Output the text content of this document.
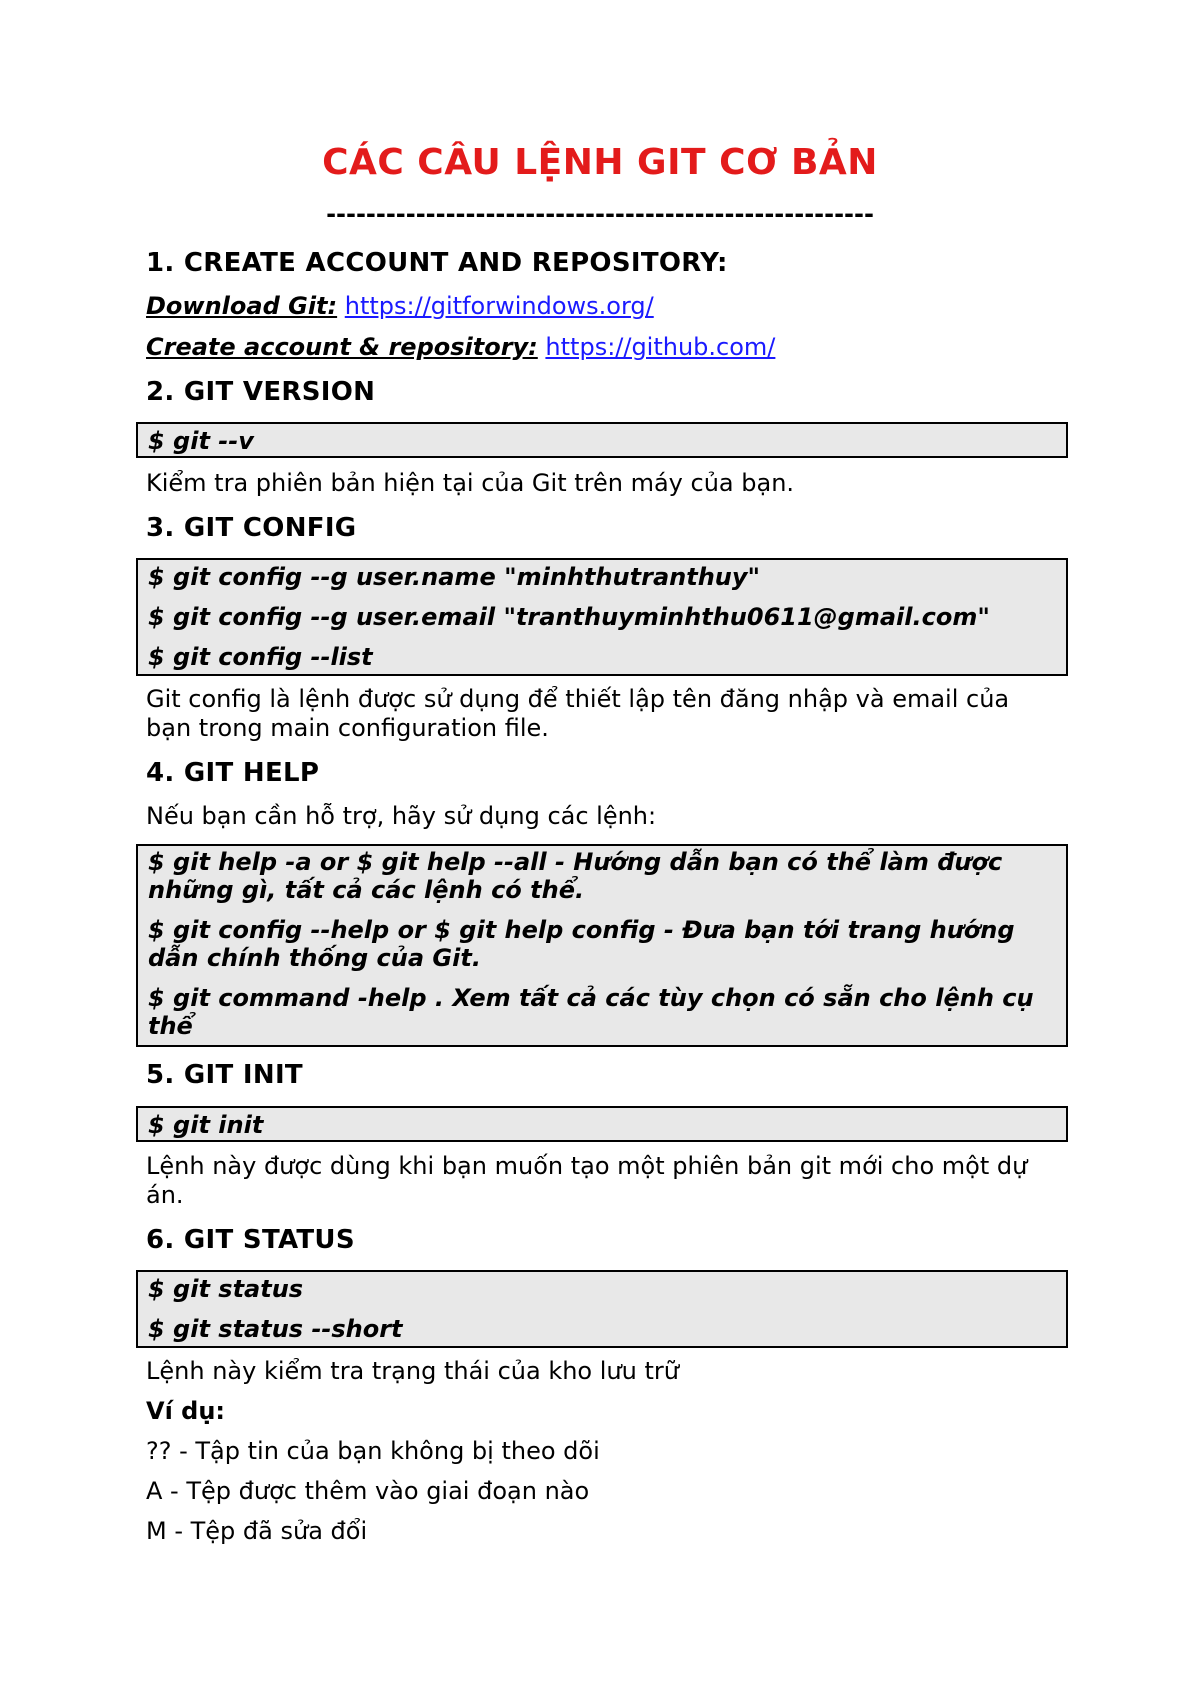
CÁC CÂU LỆNH GIT CƠ BẢN
-------------------------------------------------------
1. CREATE ACCOUNT AND REPOSITORY:
Download Git: https://gitforwindows.org/
Create account & repository: https://github.com/
2. GIT VERSION
$ git --v
Kiểm tra phiên bản hiện tại của Git trên máy của bạn.
3. GIT CONFIG
$ git config --g user.name "minhthutranthuy"
$ git config --g user.email "tranthuyminhthu0611@gmail.com"
$ git config --list
Git config là lệnh được sử dụng để thiết lập tên đăng nhập và email của bạn trong main configuration file.
4. GIT HELP
Nếu bạn cần hỗ trợ, hãy sử dụng các lệnh:
$ git help -a or $ git help --all - Hướng dẫn bạn có thể làm được những gì, tất cả các lệnh có thể.
$ git config --help or $ git help config - Đưa bạn tới trang hướng dẫn chính thống của Git.
$ git command -help . Xem tất cả các tùy chọn có sẵn cho lệnh cụ thể
5. GIT INIT
$ git init
Lệnh này được dùng khi bạn muốn tạo một phiên bản git mới cho một dự án.
6. GIT STATUS
$ git status
$ git status --short
Lệnh này kiểm tra trạng thái của kho lưu trữ
Ví dụ:
?? - Tập tin của bạn không bị theo dõi
A - Tệp được thêm vào giai đoạn nào
M - Tệp đã sửa đổi
